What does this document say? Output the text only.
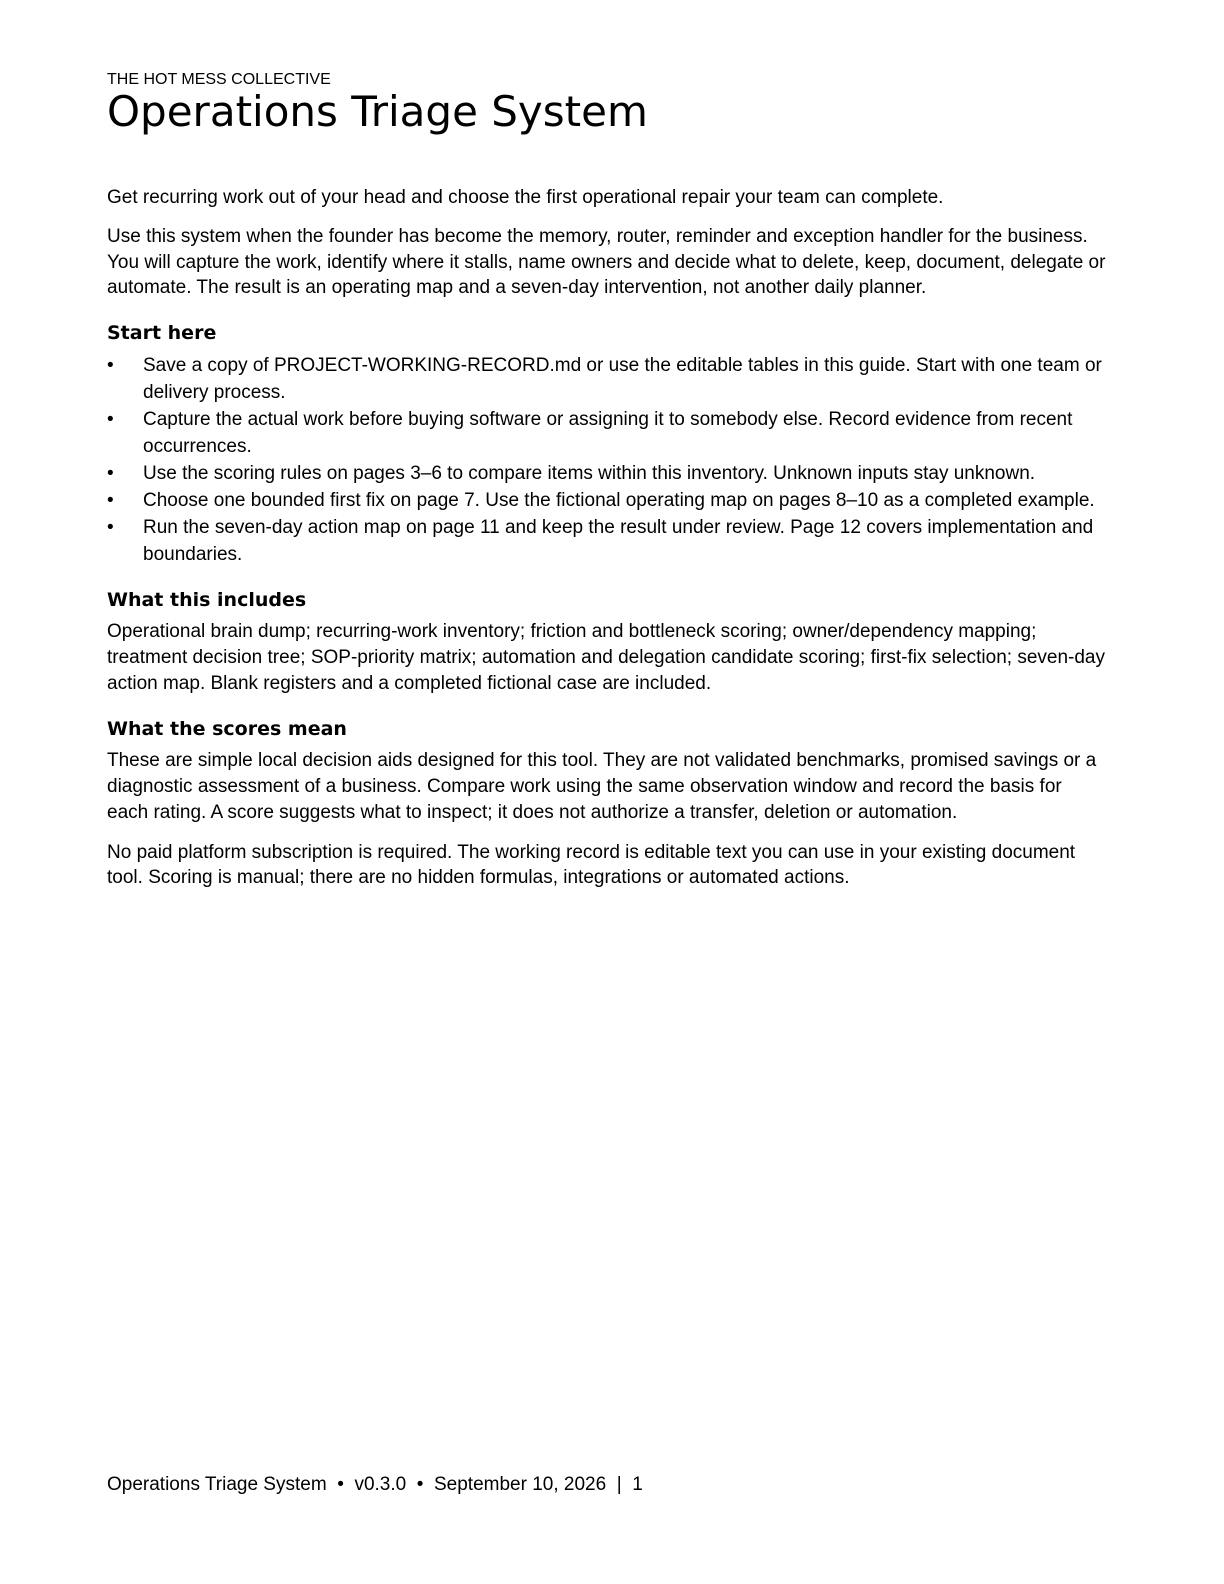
THE HOT MESS COLLECTIVE

Operations Triage System

Get recurring work out of your head and choose the first operational repair your team can complete.

Use this system when the founder has become the memory, router, reminder and exception handler for the business. You will capture the work, identify where it stalls, name owners and decide what to delete, keep, document, delegate or automate. The result is an operating map and a seven-day intervention, not another daily planner.

Start here
• Save a copy of PROJECT-WORKING-RECORD.md or use the editable tables in this guide. Start with one team or delivery process.
• Capture the actual work before buying software or assigning it to somebody else. Record evidence from recent occurrences.
• Use the scoring rules on pages 3–6 to compare items within this inventory. Unknown inputs stay unknown.
• Choose one bounded first fix on page 7. Use the fictional operating map on pages 8–10 as a completed example.
• Run the seven-day action map on page 11 and keep the result under review. Page 12 covers implementation and boundaries.
What this includes

Operational brain dump; recurring-work inventory; friction and bottleneck scoring; owner/dependency mapping; treatment decision tree; SOP-priority matrix; automation and delegation candidate scoring; first-fix selection; seven-day action map. Blank registers and a completed fictional case are included.

What the scores mean

These are simple local decision aids designed for this tool. They are not validated benchmarks, promised savings or a diagnostic assessment of a business. Compare work using the same observation window and record the basis for each rating. A score suggests what to inspect; it does not authorize a transfer, deletion or automation.

No paid platform subscription is required. The working record is editable text you can use in your existing document tool. Scoring is manual; there are no hidden formulas, integrations or automated actions.

Operations Triage System • v0.3.0 • September 10, 2026 | 1
